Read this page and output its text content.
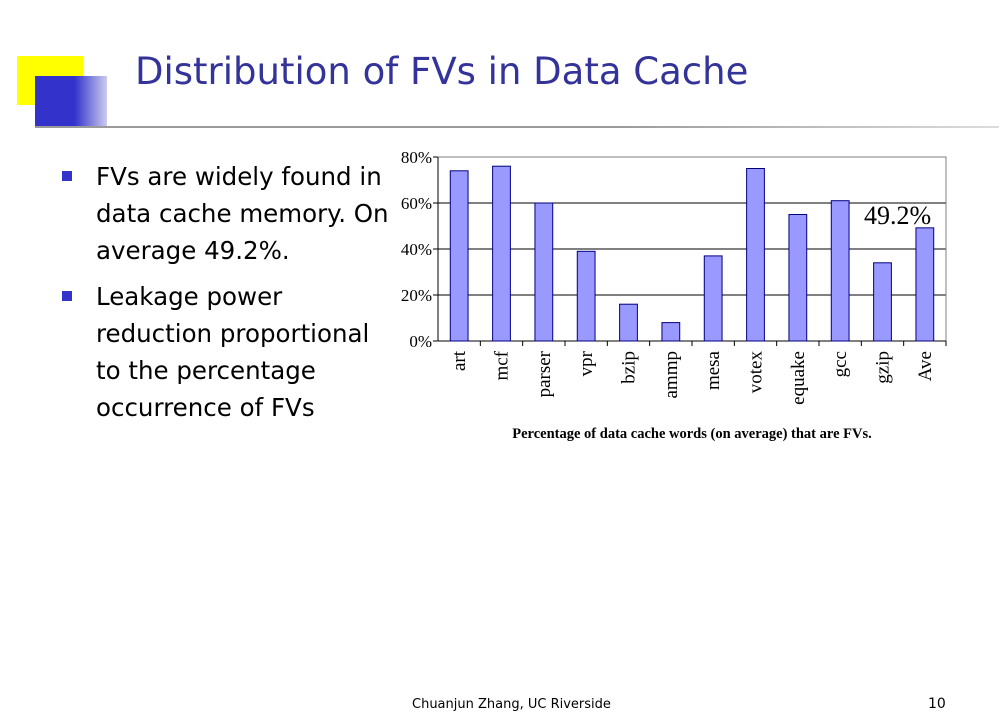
Distribution of FVs in Data Cache
FVs are widely found in data cache memory. On average 49.2%.
Leakage power reduction proportional to the percentage occurrence of FVs
0%
20%
40%
60%
80%
art mcf parser vpr bzip ammp mesa votex equake gcc gzip Ave
49.2%
Percentage of data cache words (on average) that are FVs.
Chuanjun Zhang, UC Riverside	10
